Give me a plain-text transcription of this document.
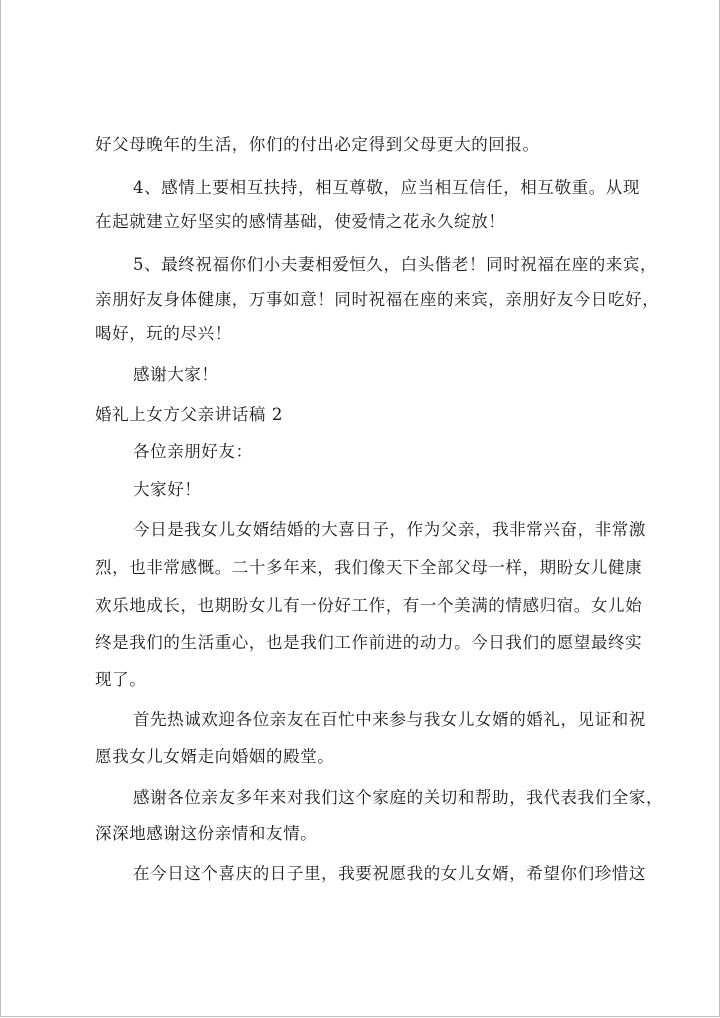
好父母晚年的生活，你们的付出必定得到父母更大的回报。
4、感情上要相互扶持，相互尊敬，应当相互信任，相互敬重。从现
在起就建立好坚实的感情基础，使爱情之花永久绽放！
5、最终祝福你们小夫妻相爱恒久，白头偕老！同时祝福在座的来宾，
亲朋好友身体健康，万事如意！同时祝福在座的来宾，亲朋好友今日吃好，
喝好，玩的尽兴！
感谢大家！
婚礼上女方父亲讲话稿 2
各位亲朋好友：
大家好！
今日是我女儿女婿结婚的大喜日子，作为父亲，我非常兴奋，非常激
烈，也非常感慨。二十多年来，我们像天下全部父母一样，期盼女儿健康
欢乐地成长，也期盼女儿有一份好工作，有一个美满的情感归宿。女儿始
终是我们的生活重心，也是我们工作前进的动力。今日我们的愿望最终实
现了。
首先热诚欢迎各位亲友在百忙中来参与我女儿女婿的婚礼，见证和祝
愿我女儿女婿走向婚姻的殿堂。
感谢各位亲友多年来对我们这个家庭的关切和帮助，我代表我们全家，
深深地感谢这份亲情和友情。
在今日这个喜庆的日子里，我要祝愿我的女儿女婿，希望你们珍惜这
